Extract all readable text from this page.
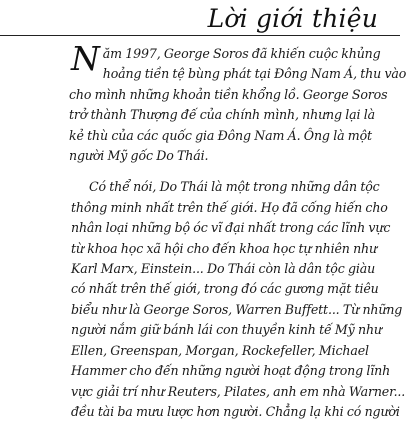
Lời giới thiệu

N ăm 1997, George Soros đã khiến cuộc khủng
hoảng tiền tệ bùng phát tại Đông Nam Á, thu vào
cho mình những khoản tiền khổng lồ. George Soros
trở thành Thượng đế của chính mình, nhưng lại là
kẻ thù của các quốc gia Đông Nam Á. Ông là một
người Mỹ gốc Do Thái.

Có thể nói, Do Thái là một trong những dân tộc
thông minh nhất trên thế giới. Họ đã cống hiến cho
nhân loại những bộ óc vĩ đại nhất trong các lĩnh vực
từ khoa học xã hội cho đến khoa học tự nhiên như
Karl Marx, Einstein... Do Thái còn là dân tộc giàu
có nhất trên thế giới, trong đó các gương mặt tiêu
biểu như là George Soros, Warren Buffett... Từ những
người nắm giữ bánh lái con thuyền kinh tế Mỹ như
Ellen, Greenspan, Morgan, Rockefeller, Michael
Hammer cho đến những người hoạt động trong lĩnh
vực giải trí như Reuters, Pilates, anh em nhà Warner...
đều tài ba mưu lược hơn người. Chẳng lạ khi có người
